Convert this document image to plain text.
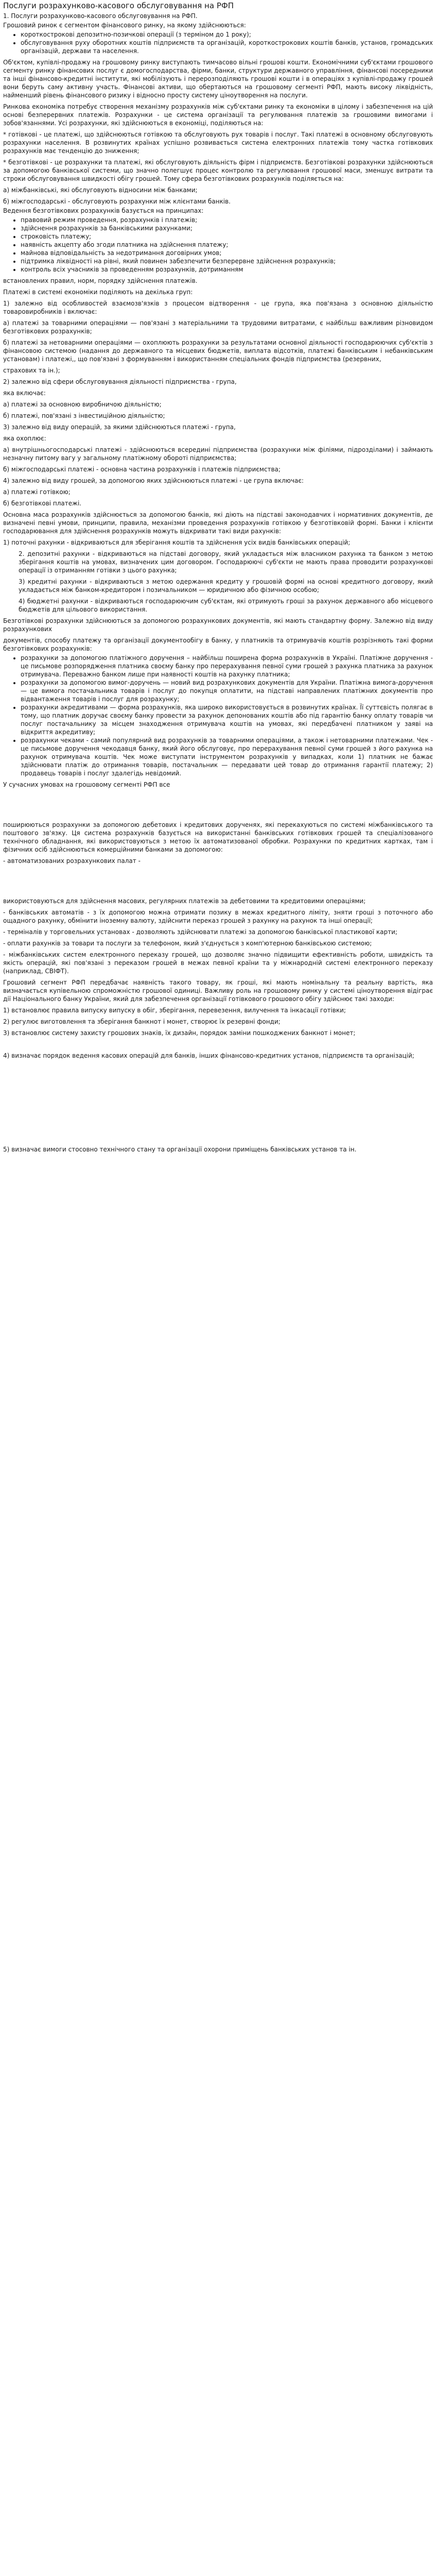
Послуги розрахунково-касового обслуговування на РФП
1. Послуги розрахунково-касового обслуговування на РФП.
Грошовий ринок є сегментом фінансового ринку, на якому здійснюються:
• короткострокові депозитно-позичкові операції (з терміном до 1 року);
• обслуговування руху оборотних коштів підприємств та організацій, короткострокових коштів банків, установ, громадських організацій, держави та населення.
Об'єктом, купівлі-продажу на грошовому ринку виступають тимчасово вільні грошові кошти. Економічними суб'єктами грошового сегменту ринку фінансових послуг є домогосподарства, фірми, банки, структури державного управління, фінансові посередники та інші фінансово-кредитні інститути, які мобілізують і перерозподіляють грошові кошти і в операціях з купівлі-продажу грошей вони беруть саму активну участь. Фінансові активи, що обертаються на грошовому сегменті РФП, мають високу ліквідність, найменший рівень фінансового ризику і відносно просту систему ціноутворення на послуги.
Ринкова економіка потребує створення механізму розрахунків між суб'єктами ринку та економіки в цілому і забезпечення на цій основі безперервних платежів. Розрахунки - це система організації та регулювання платежів за грошовими вимогами і зобов'язаннями. Усі розрахунки, які здійснюються в економіці, поділяються на:
* готівкові - це платежі, що здійснюються готівкою та обслуговують рух товарів і послуг. Такі платежі в основному обслуговують розрахунки населення. В розвинутих країнах успішно розвивається система електронних платежів тому частка готівкових розрахунків має тенденцію до зниження;
* безготівкові - це розрахунки та платежі, які обслуговують діяльність фірм і підприємств. Безготівкові розрахунки здійснюються за допомогою банківської системи, що значно полегшує процес контролю та регулювання грошової маси, зменшує витрати та строки обслуговування швидкості обігу грошей. Тому сфера безготівкових розрахунків поділяється на:
а) міжбанківські, які обслуговують відносини між банками;
б) міжгосподарські - обслуговують розрахунки між клієнтами банків.
Ведення безготівкових розрахунків базується на принципах:
• правовий режим проведення, розрахунків і платежів;
• здійснення розрахунків за банківськими рахунками;
• строковість платежу;
• наявність акцепту або згоди платника на здійснення платежу;
• майнова відповідальність за недотримання договірних умов;
• підтримка ліквідності на рівні, який повинен забезпечити безперервне здійснення розрахунків;
• контроль всіх учасників за проведенням розрахунків, дотриманням
встановлених правил, норм, порядку здійснення платежів.
Платежі в системі економіки поділяють на декілька груп:
1) залежно від особливостей взаємозв'язків з процесом відтворення - це група, яка пов'язана з основною діяльністю товаровиробників і включає:
а) платежі за товарними операціями — пов'язані з матеріальними та трудовими витратами, є найбільш важливим різновидом безготівкових розрахунків;
б) платежі за нетоварними операціями — охоплюють розрахунки за результатами основної діяльності господарюючих суб'єктів з фінансовою системою (надання до державного та місцевих бюджетів, виплата відсотків, платежі банківським і небанківським установам) і платежі,, що пов'язані з формуванням і використанням спеціальних фондів підприємства (резервних,
страхових та ін.);
2) залежно від сфери обслуговування діяльності підприємства - група,
яка включає:
а) платежі за основною виробничою діяльністю;
б) платежі, пов'язані з інвестиційною діяльністю;
3) залежно від виду операцій, за якими здійснюються платежі - група,
яка охоплює:
а) внутрішньогосподарські платежі - здійснюються всередині підприємства (розрахунки між філіями, підрозділами) і займають незначну питому вагу у загальному платіжному обороті підприємства;
б) міжгосподарські платежі - основна частина розрахунків і платежів підприємства;
4) залежно від виду грошей, за допомогою яких здійснюються платежі - це група включає:
а) платежі готівкою;
б) безготівкові платежі.
Основна маса розрахунків здійснюється за допомогою банків, які діють на підставі законодавчих і нормативних документів, де визначені певні умови, принципи, правила, механізми проведення розрахунків готівкою у безготівковій формі. Банки і клієнти господарювання для здійснення розрахунків можуть відкривати такі види рахунків:
1) поточні рахунки - відкриваються для зберігання коштів та здійснення усіх видів банківських операцій;
2. депозитні рахунки - відкриваються на підставі договору, який укладається між власником рахунка та банком з метою зберігання коштів на умовах, визначених цим договором. Господарюючі суб'єкти не мають права проводити розрахункові операції із отриманням готівки з цього рахунка;
3) кредитні рахунки - відкриваються з метою одержання кредиту у грошовій формі на основі кредитного договору, який укладається між банком-кредитором і позичальником — юридичною або фізичною особою;
4) бюджетні рахунки - відкриваються господарюючим суб'єктам, які отримують гроші за рахунок державного або місцевого бюджетів для цільового використання.
Безготівкові розрахунки здійснюються за допомогою розрахункових документів, які мають стандартну форму. Залежно від виду розрахункових
документів, способу платежу та організації документообігу в банку, у платників та отримувачів коштів розрізняють такі форми безготівкових розрахунків:
• розрахунки за допомогою платіжного доручення – найбільш поширена форма розрахунків в Україні. Платіжне доручення - це письмове розпорядження платника своєму банку про перерахування певної суми грошей з рахунка платника за рахунок отримувача. Переважно банком лише при наявності коштів на рахунку платника;
• розрахунки за допомогою вимог-доручень — новий вид розрахункових документів для України. Платіжна вимога-доручення — це вимога постачальника товарів і послуг до покупця оплатити, на підставі направлених платіжних документів про відвантаження товарів і послуг для розрахунку;
• розрахунки акредитивами — форма розрахунків, яка широко використовується в розвинутих країнах. Її суттєвість полягає в тому, що платник доручає своєму банку провести за рахунок депонованих коштів або під гарантію банку оплату товарів чи послуг постачальнику за місцем знаходження отримувача коштів на умовах, які передбачені платником у заяві на відкриття акредитиву;
• розрахунки чеками - самий популярний вид розрахунків за товарними операціями, а також і нетоварними платежами. Чек - це письмове доручення чекодавця банку, який його обслуговує, про перерахування певної суми грошей з його рахунка на рахунок отримувача коштів. Чек може виступати інструментом розрахунків у випадках, коли 1) платник не бажає здійснювати платіж до отримання товарів, постачальник — передавати цей товар до отримання гарантії платежу; 2) продавець товарів і послуг здалегідь невідомий.
У сучасних умовах на грошовому сегменті РФП все
поширюються розрахунки за допомогою дебетових і кредитових дорученях, які перекахуються по системі міжбанківського та поштового зв'язку. Ця система розрахунків базується на використанні банківських готівкових грошей та спеціалізованого технічного обладнання, які використовуються з метою їх автоматизованої обробки. Розрахунки по кредитних картках, там і фізичних осіб здійснюються комерційними банками за допомогою:
- автоматизованих розрахункових палат -
використовуються для здійснення масових, регулярних платежів за дебетовими та кредитовими операціями;
- банківських автоматів - з їх допомогою можна отримати позику в межах кредитного ліміту, зняти гроші з поточного або ощадного рахунку, обмінити іноземну валюту, здійснити переказ грошей з рахунку на рахунок та інші операції;
- терміналів у торговельних установах - дозволяють здійснювати платежі за допомогою банківської пластикової карти;
- оплати рахунків за товари та послуги за телефоном, який з'єднується з комп'ютерною банківською системою;
- міжбанківських систем електронного переказу грошей, що дозволяє значно підвищити ефективність роботи, швидкість та якість операцій, які пов'язані з переказом грошей в межах певної країни та у міжнародній системі електронного переказу (наприклад, СВІФТ).
Грошовий сегмент РФП передбачає наявність такого товару, як гроші, які мають номінальну та реальну вартість, яка визначається купівельною спроможністю грошової одиниці. Важливу роль на грошовому ринку у системі ціноутворення відіграє дії Національного банку України, який для забезпечення організації готівкового грошового обігу здійснює такі заходи:
1) встановлює правила випуску випуску в обіг, зберігання, перевезення, вилучення та інкасації готівки;
2) регулює виготовлення та зберігання банкнот і монет, створює їх резервні фонди;
3) встановлює систему захисту грошових знаків, їх дизайн, порядок заміни пошкоджених банкнот і монет;
4) визначає порядок ведення касових операцій для банків, інших фінансово-кредитних установ, підприємств та організацій;
5) визначає вимоги стосовно технічного стану та організації охорони приміщень банківських установ та ін.
